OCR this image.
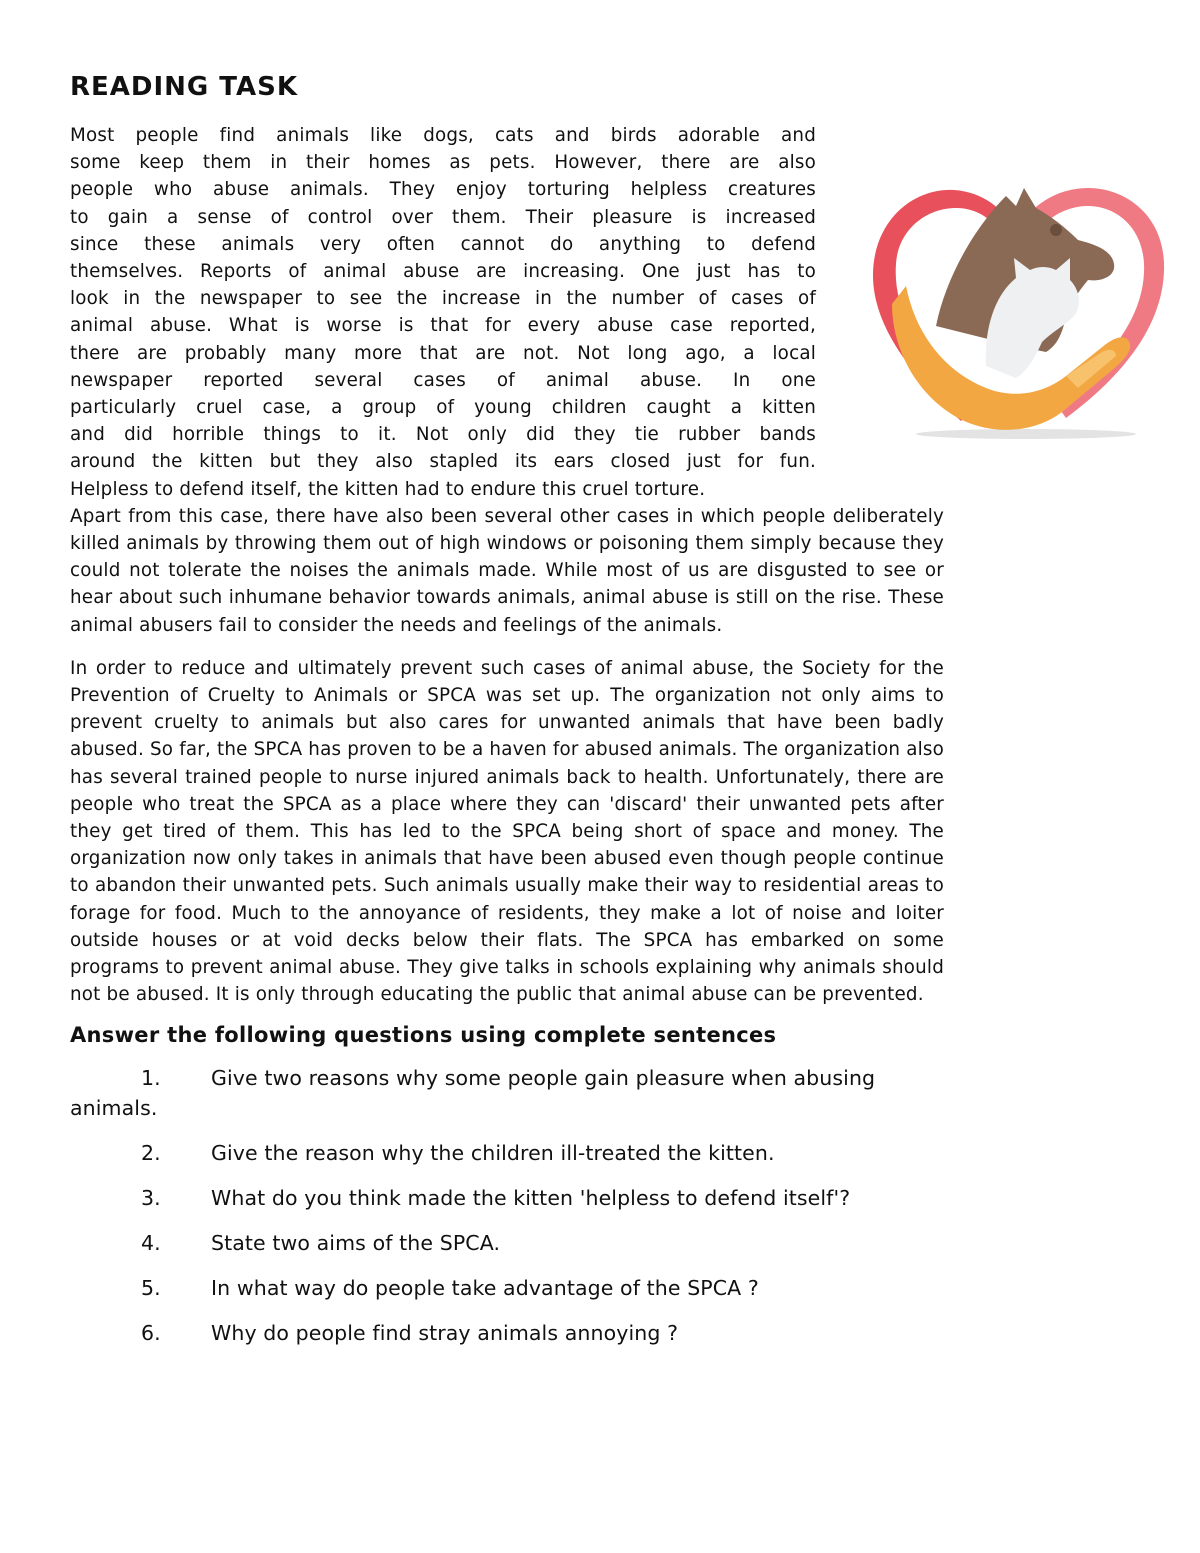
READING TASK
Most people find animals like dogs, cats and birds adorable and
some keep them in their homes as pets. However, there are also
people who abuse animals. They enjoy torturing helpless creatures
to gain a sense of control over them. Their pleasure is increased
since these animals very often cannot do anything to defend
themselves. Reports of animal abuse are increasing. One just has to
look in the newspaper to see the increase in the number of cases of
animal abuse. What is worse is that for every abuse case reported,
there are probably many more that are not. Not long ago, a local
newspaper reported several cases of animal abuse. In one
particularly cruel case, a group of young children caught a kitten
and did horrible things to it. Not only did they tie rubber bands
around the kitten but they also stapled its ears closed just for fun.
Helpless to defend itself, the kitten had to endure this cruel torture.

Apart from this case, there have also been several other cases in which people deliberately killed animals by throwing them out of high windows or poisoning them simply because they could not tolerate the noises the animals made. While most of us are disgusted to see or hear about such inhumane behavior towards animals, animal abuse is still on the rise. These animal abusers fail to consider the needs and feelings of the animals.

In order to reduce and ultimately prevent such cases of animal abuse, the Society for the Prevention of Cruelty to Animals or SPCA was set up. The organization not only aims to prevent cruelty to animals but also cares for unwanted animals that have been badly abused. So far, the SPCA has proven to be a haven for abused animals. The organization also has several trained people to nurse injured animals back to health. Unfortunately, there are people who treat the SPCA as a place where they can 'discard' their unwanted pets after they get tired of them. This has led to the SPCA being short of space and money. The organization now only takes in animals that have been abused even though people continue to abandon their unwanted pets. Such animals usually make their way to residential areas to forage for food. Much to the annoyance of residents, they make a lot of noise and loiter outside houses or at void decks below their flats. The SPCA has embarked on some programs to prevent animal abuse. They give talks in schools explaining why animals should not be abused. It is only through educating the public that animal abuse can be prevented.

Answer the following questions using complete sentences

1. Give two reasons why some people gain pleasure when abusing animals.

2. Give the reason why the children ill-treated the kitten.

3. What do you think made the kitten 'helpless to defend itself'?

4. State two aims of the SPCA.

5. In what way do people take advantage of the SPCA ?

6. Why do people find stray animals annoying ?
